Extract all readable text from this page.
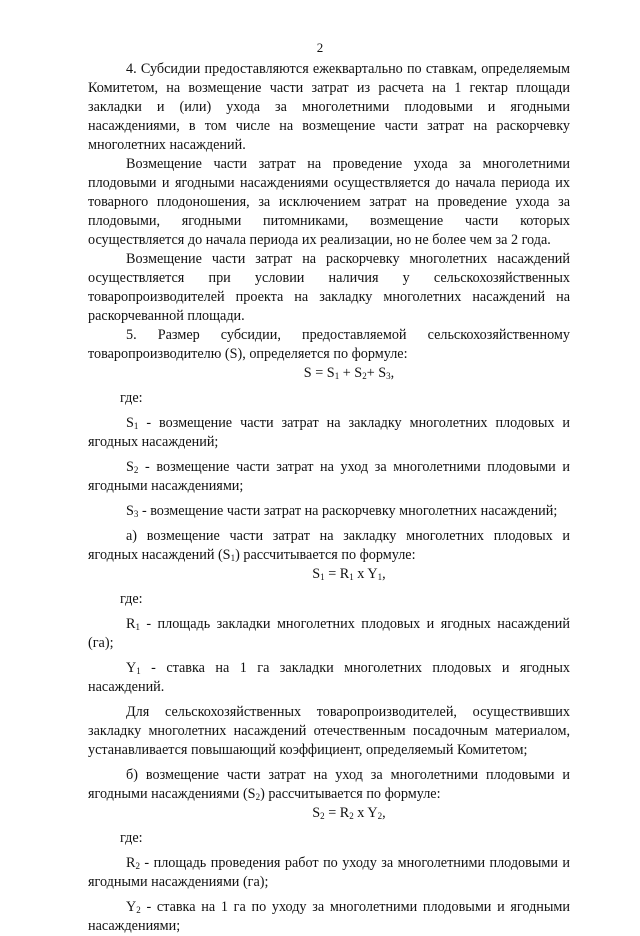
2

4. Субсидии предоставляются ежеквартально по ставкам, определяемым Комитетом, на возмещение части затрат из расчета на 1 гектар площади закладки и (или) ухода за многолетними плодовыми и ягодными насаждениями, в том числе на возмещение части затрат на раскорчевку многолетних насаждений.

Возмещение части затрат на проведение ухода за многолетними плодовыми и ягодными насаждениями осуществляется до начала периода их товарного плодоношения, за исключением затрат на проведение ухода за плодовыми, ягодными питомниками, возмещение части которых осуществляется до начала периода их реализации, но не более чем за 2 года.

Возмещение части затрат на раскорчевку многолетних насаждений осуществляется при условии наличия у сельскохозяйственных товаропроизводителей проекта на закладку многолетних насаждений на раскорчеванной площади.

5. Размер субсидии, предоставляемой сельскохозяйственному товаропроизводителю (S), определяется по формуле:

$S = S_1 + S_2+ S_3$,

где:

$S_1$ - возмещение части затрат на закладку многолетних плодовых и ягодных насаждений;

$S_2$ - возмещение части затрат на уход за многолетними плодовыми и ягодными насаждениями;

$S_3$ - возмещение части затрат на раскорчевку многолетних насаждений;

а) возмещение части затрат на закладку многолетних плодовых и ягодных насаждений $(S_1)$ рассчитывается по формуле:

$S_1 = R_1$ x $Y_1$,

где:

$R_1$ - площадь закладки многолетних плодовых и ягодных насаждений (га);

$Y_1$ - ставка на 1 га закладки многолетних плодовых и ягодных насаждений.

Для сельскохозяйственных товаропроизводителей, осуществивших закладку многолетних насаждений отечественным посадочным материалом, устанавливается повышающий коэффициент, определяемый Комитетом;

б) возмещение части затрат на уход за многолетними плодовыми и ягодными насаждениями $(S_2)$ рассчитывается по формуле:

$S_2 = R_2$ x $Y_2$,

где:

$R_2$ - площадь проведения работ по уходу за многолетними плодовыми и ягодными насаждениями (га);

$Y_2$ - ставка на 1 га по уходу за многолетними плодовыми и ягодными насаждениями;
